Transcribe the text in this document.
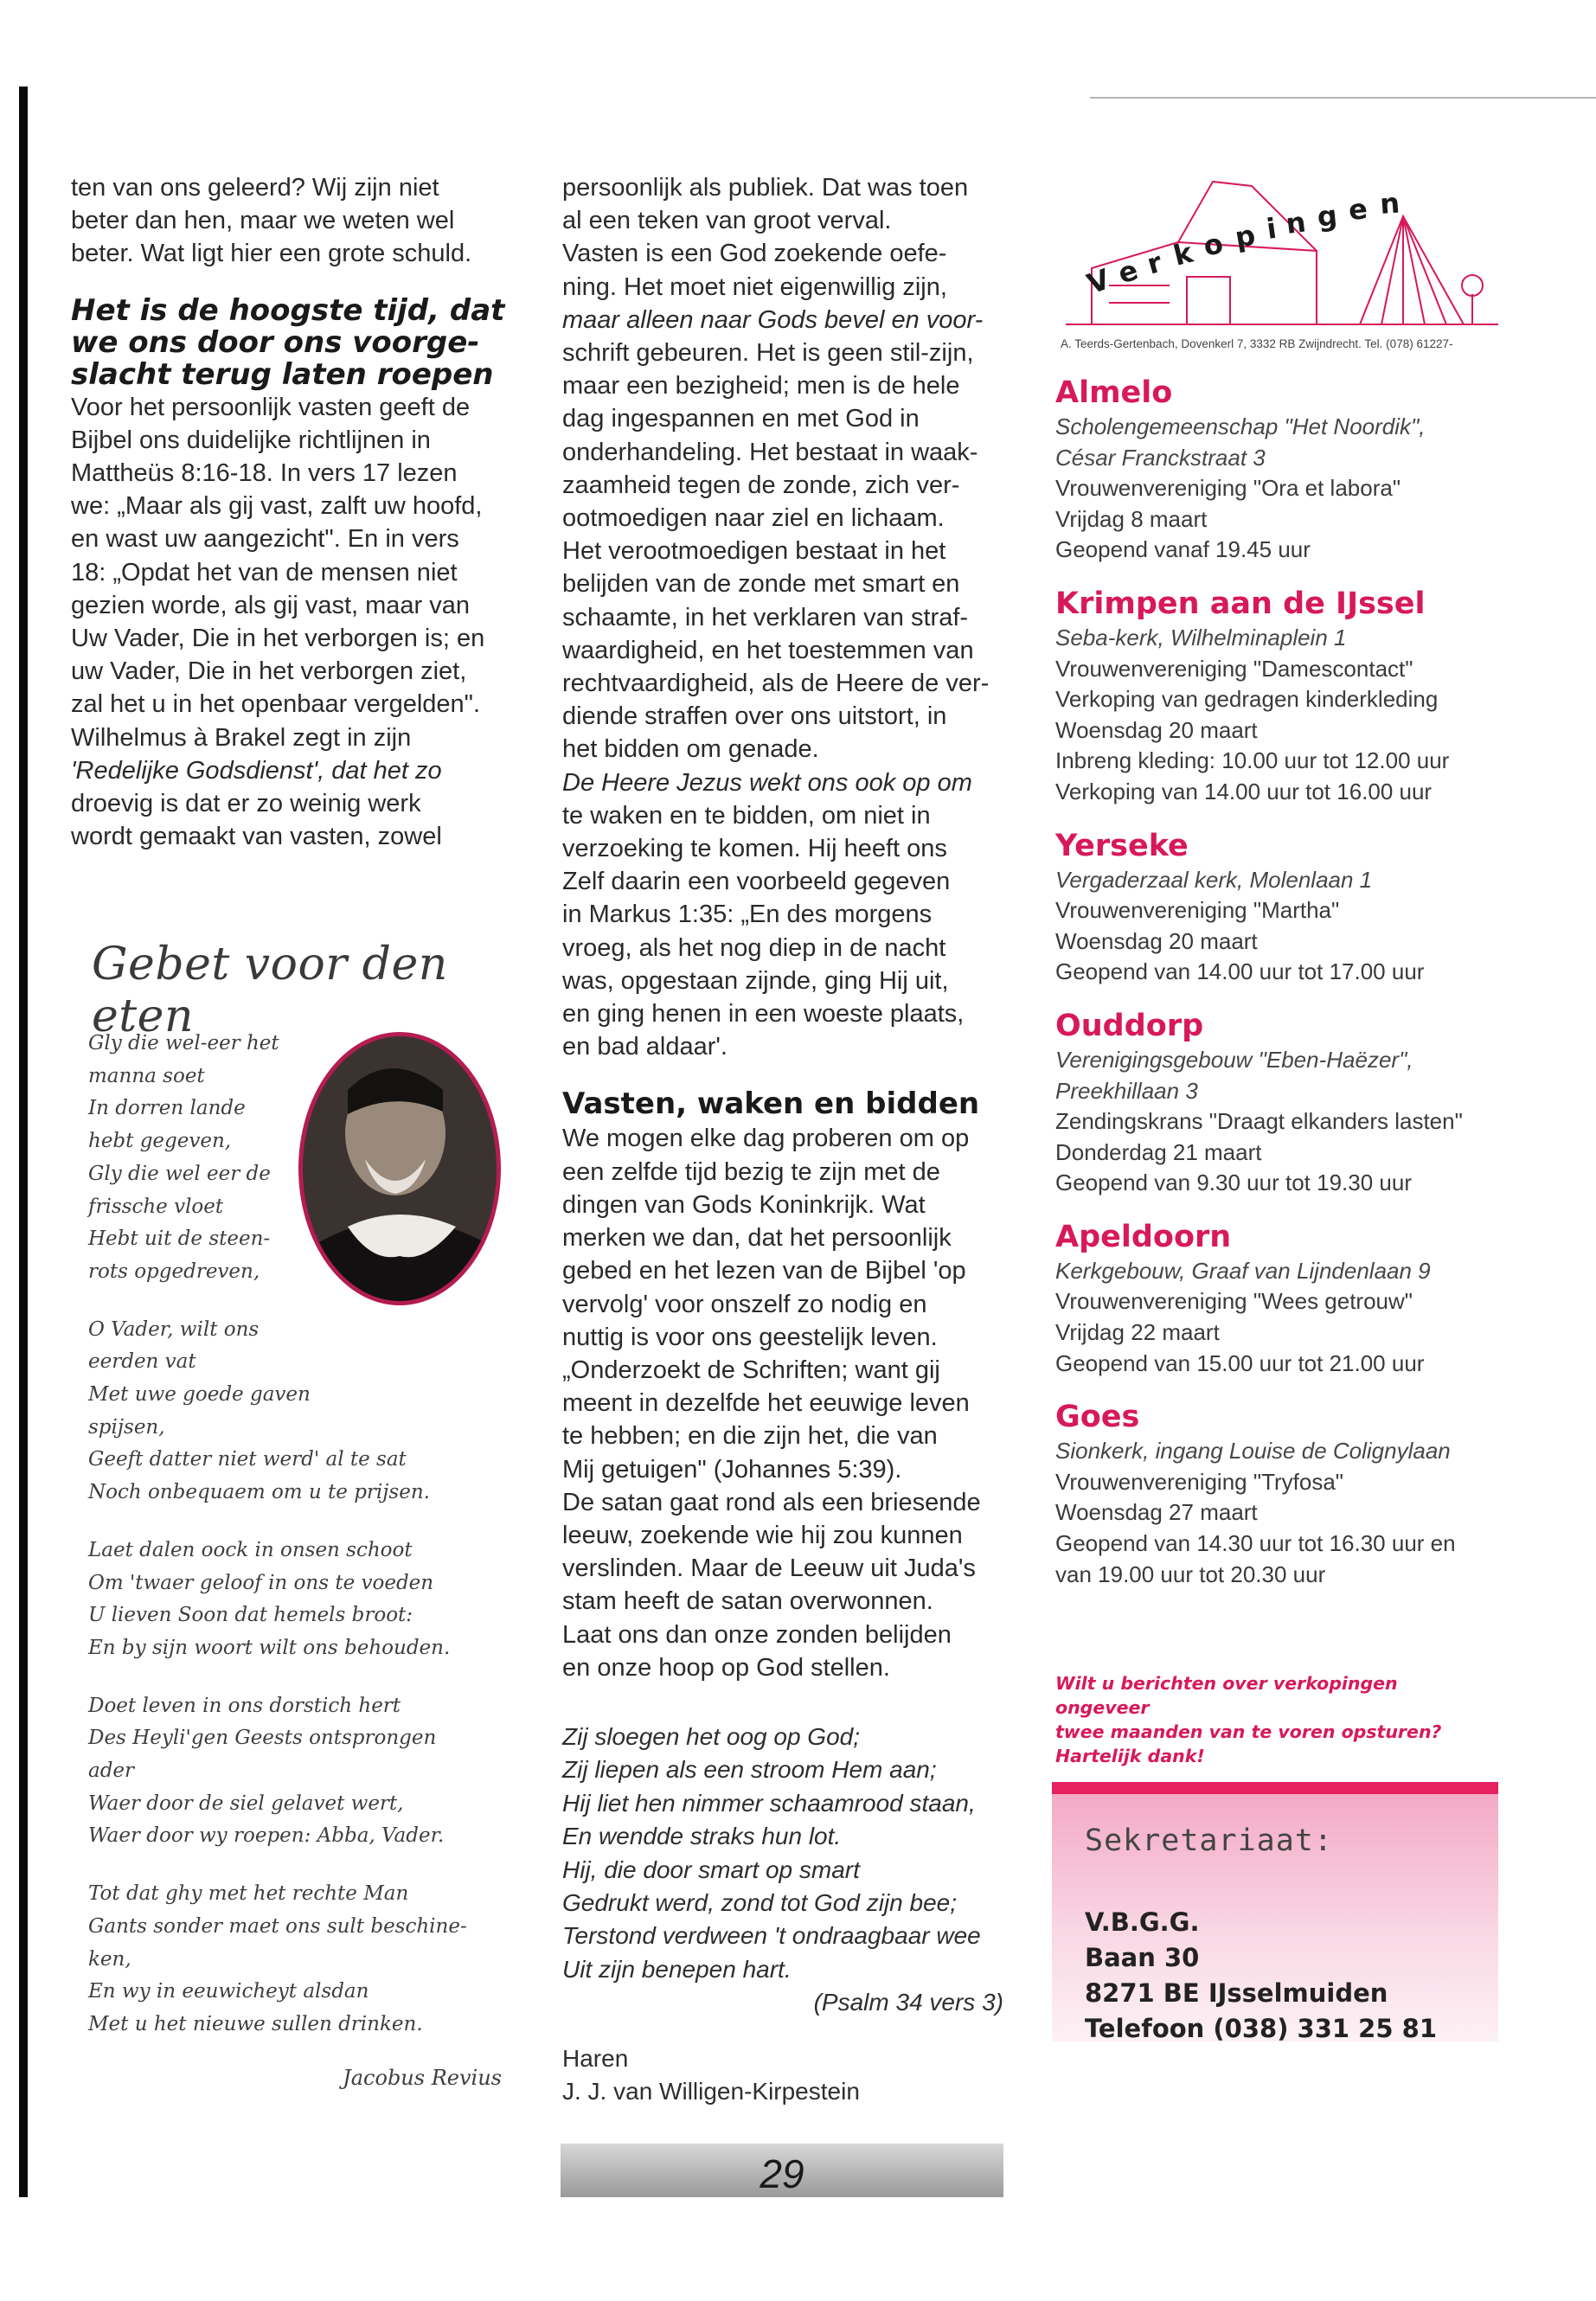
ten van ons geleerd? Wij zijn niet
beter dan hen, maar we weten wel
beter. Wat ligt hier een grote schuld.
Het is de hoogste tijd, dat
we ons door ons voorge-
slacht terug laten roepen
Voor het persoonlijk vasten geeft de
Bijbel ons duidelijke richtlijnen in
Mattheüs 8:16-18. In vers 17 lezen
we: „Maar als gij vast, zalft uw hoofd,
en wast uw aangezicht". En in vers
18: „Opdat het van de mensen niet
gezien worde, als gij vast, maar van
Uw Vader, Die in het verborgen is; en
uw Vader, Die in het verborgen ziet,
zal het u in het openbaar vergelden".
Wilhelmus à Brakel zegt in zijn
'Redelijke Godsdienst', dat het zo
droevig is dat er zo weinig werk
wordt gemaakt van vasten, zowel
Gebet voor den eten
Gly die wel-eer het
manna soet
In dorren lande
hebt gegeven,
Gly die wel eer de
frissche vloet
Hebt uit de steen-
rots opgedreven,
O Vader, wilt ons
eerden vat
Met uwe goede gaven
spijsen,
Geeft datter niet werd' al te sat
Noch onbequaem om u te prijsen.
Laet dalen oock in onsen schoot
Om 'twaer geloof in ons te voeden
U lieven Soon dat hemels broot:
En by sijn woort wilt ons behouden.
Doet leven in ons dorstich hert
Des Heyli'gen Geests ontsprongen
ader
Waer door de siel gelavet wert,
Waer door wy roepen: Abba, Vader.
Tot dat ghy met het rechte Man
Gants sonder maet ons sult beschine-
ken,
En wy in eeuwicheyt alsdan
Met u het nieuwe sullen drinken.
Jacobus Revius
persoonlijk als publiek. Dat was toen
al een teken van groot verval.
Vasten is een God zoekende oefe-
ning. Het moet niet eigenwillig zijn,
maar alleen naar Gods bevel en voor-
schrift gebeuren. Het is geen stil-zijn,
maar een bezigheid; men is de hele
dag ingespannen en met God in
onderhandeling. Het bestaat in waak-
zaamheid tegen de zonde, zich ver-
ootmoedigen naar ziel en lichaam.
Het verootmoedigen bestaat in het
belijden van de zonde met smart en
schaamte, in het verklaren van straf-
waardigheid, en het toestemmen van
rechtvaardigheid, als de Heere de ver-
diende straffen over ons uitstort, in
het bidden om genade.
De Heere Jezus wekt ons ook op om
te waken en te bidden, om niet in
verzoeking te komen. Hij heeft ons
Zelf daarin een voorbeeld gegeven
in Markus 1:35: „En des morgens
vroeg, als het nog diep in de nacht
was, opgestaan zijnde, ging Hij uit,
en ging henen in een woeste plaats,
en bad aldaar'.
Vasten, waken en bidden
We mogen elke dag proberen om op
een zelfde tijd bezig te zijn met de
dingen van Gods Koninkrijk. Wat
merken we dan, dat het persoonlijk
gebed en het lezen van de Bijbel 'op
vervolg' voor onszelf zo nodig en
nuttig is voor ons geestelijk leven.
„Onderzoekt de Schriften; want gij
meent in dezelfde het eeuwige leven
te hebben; en die zijn het, die van
Mij getuigen" (Johannes 5:39).
De satan gaat rond als een briesende
leeuw, zoekende wie hij zou kunnen
verslinden. Maar de Leeuw uit Juda's
stam heeft de satan overwonnen.
Laat ons dan onze zonden belijden
en onze hoop op God stellen.
Zij sloegen het oog op God;
Zij liepen als een stroom Hem aan;
Hij liet hen nimmer schaamrood staan,
En wendde straks hun lot.
Hij, die door smart op smart
Gedrukt werd, zond tot God zijn bee;
Terstond verdween 't ondraagbaar wee
Uit zijn benepen hart.
(Psalm 34 vers 3)
Haren
J. J. van Willigen-Kirpestein
29
V e r k o p i n g e n
A. Teerds-Gertenbach, Dovenkerl 7, 3332 RB Zwijndrecht. Tel. (078) 61227-
Almelo
Scholengemeenschap "Het Noordik",
César Franckstraat 3
Vrouwenvereniging "Ora et labora"
Vrijdag 8 maart
Geopend vanaf 19.45 uur
Krimpen aan de IJssel
Seba-kerk, Wilhelminaplein 1
Vrouwenvereniging "Damescontact"
Verkoping van gedragen kinderkleding
Woensdag 20 maart
Inbreng kleding: 10.00 uur tot 12.00 uur
Verkoping van 14.00 uur tot 16.00 uur
Yerseke
Vergaderzaal kerk, Molenlaan 1
Vrouwenvereniging "Martha"
Woensdag 20 maart
Geopend van 14.00 uur tot 17.00 uur
Ouddorp
Verenigingsgebouw "Eben-Haëzer",
Preekhillaan 3
Zendingskrans "Draagt elkanders lasten"
Donderdag 21 maart
Geopend van 9.30 uur tot 19.30 uur
Apeldoorn
Kerkgebouw, Graaf van Lijndenlaan 9
Vrouwenvereniging "Wees getrouw"
Vrijdag 22 maart
Geopend van 15.00 uur tot 21.00 uur
Goes
Sionkerk, ingang Louise de Colignylaan
Vrouwenvereniging "Tryfosa"
Woensdag 27 maart
Geopend van 14.30 uur tot 16.30 uur en
van 19.00 uur tot 20.30 uur
Wilt u berichten over verkopingen ongeveer
twee maanden van te voren opsturen?
Hartelijk dank!
Sekretariaat:
V.B.G.G.
Baan 30
8271 BE IJsselmuiden
Telefoon (038) 331 25 81
